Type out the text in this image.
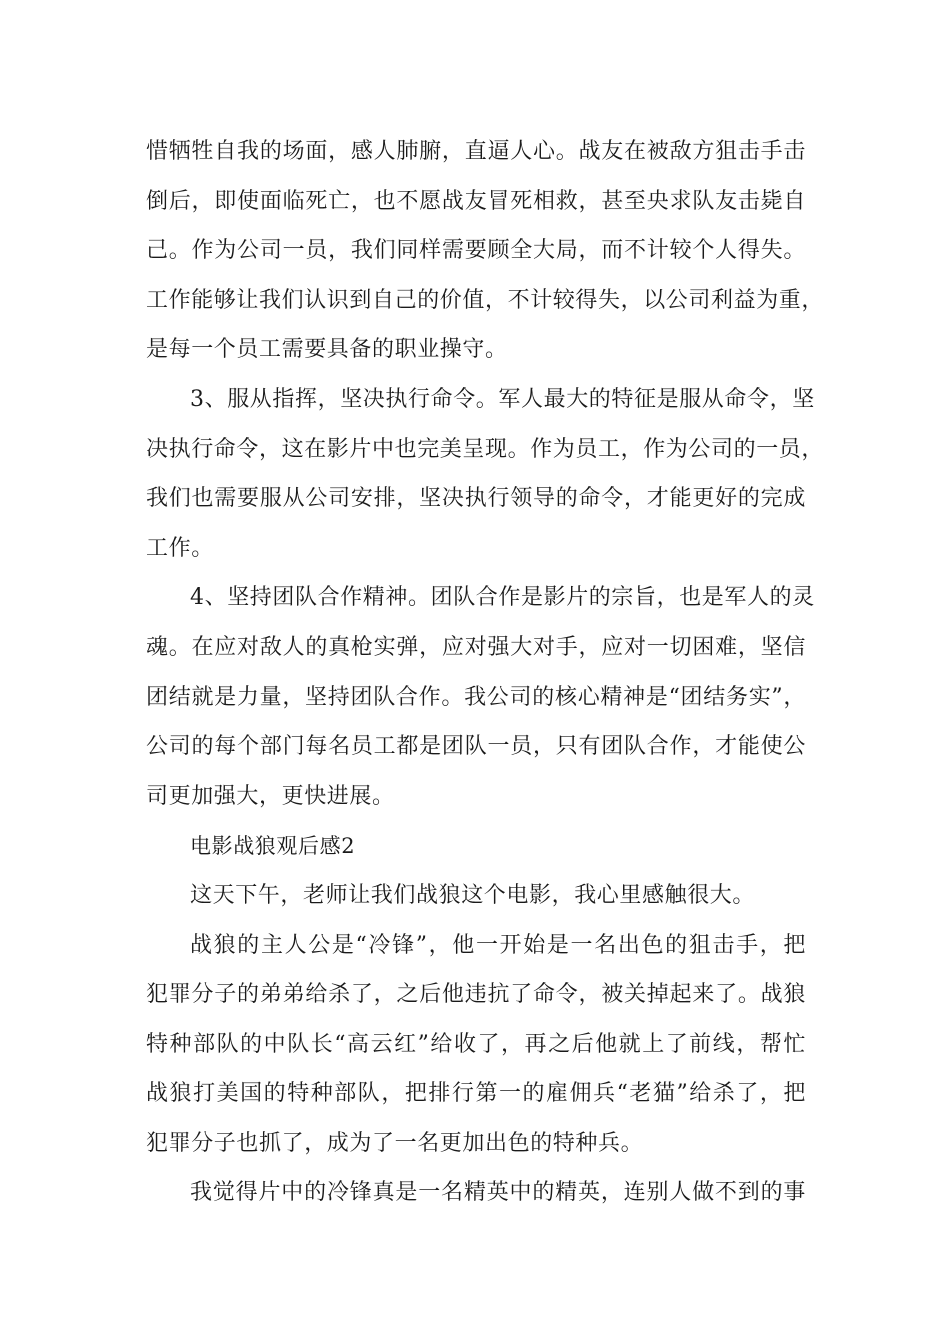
惜牺牲自我的场面，感人肺腑，直逼人心。战友在被敌方狙击手击
倒后，即使面临死亡，也不愿战友冒死相救，甚至央求队友击毙自
己。作为公司一员，我们同样需要顾全大局，而不计较个人得失。
工作能够让我们认识到自己的价值，不计较得失，以公司利益为重，
是每一个员工需要具备的职业操守。
3、服从指挥，坚决执行命令。军人最大的特征是服从命令，坚
决执行命令，这在影片中也完美呈现。作为员工，作为公司的一员，
我们也需要服从公司安排，坚决执行领导的命令，才能更好的完成
工作。
4、坚持团队合作精神。团队合作是影片的宗旨，也是军人的灵
魂。在应对敌人的真枪实弹，应对强大对手，应对一切困难，坚信
团结就是力量，坚持团队合作。我公司的核心精神是“团结务实”，
公司的每个部门每名员工都是团队一员，只有团队合作，才能使公
司更加强大，更快进展。
电影战狼观后感2
这天下午，老师让我们战狼这个电影，我心里感触很大。
战狼的主人公是“冷锋”，他一开始是一名出色的狙击手，把
犯罪分子的弟弟给杀了，之后他违抗了命令，被关掉起来了。战狼
特种部队的中队长“高云红”给收了，再之后他就上了前线，帮忙
战狼打美国的特种部队，把排行第一的雇佣兵“老猫”给杀了，把
犯罪分子也抓了，成为了一名更加出色的特种兵。
我觉得片中的冷锋真是一名精英中的精英，连别人做不到的事
